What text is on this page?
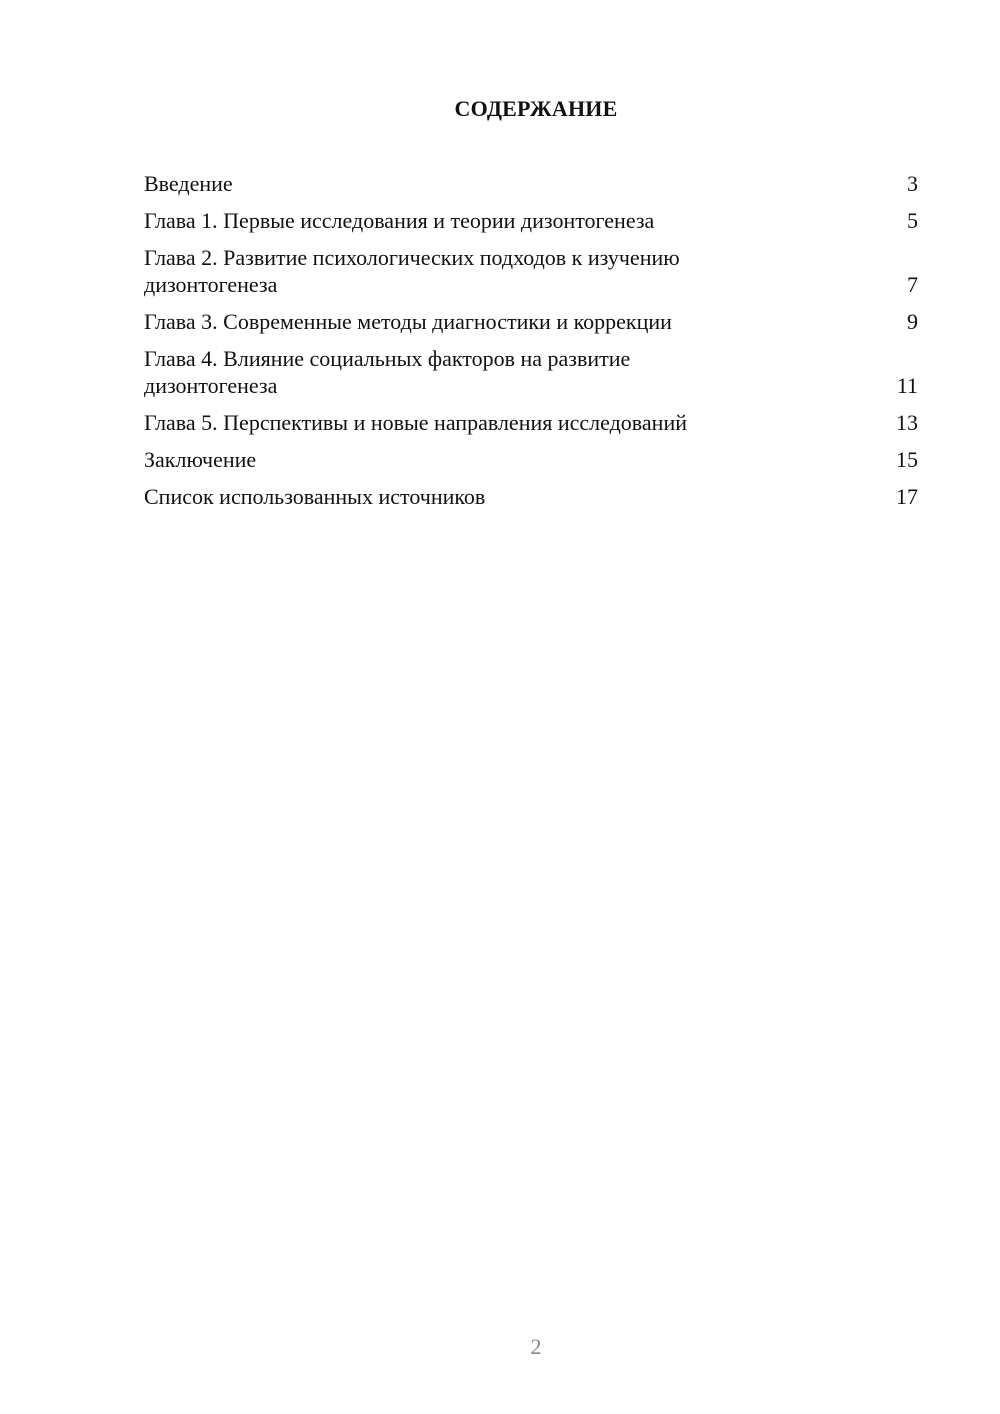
СОДЕРЖАНИЕ
Введение	3
Глава 1. Первые исследования и теории дизонтогенеза	5
Глава 2. Развитие психологических подходов к изучению дизонтогенеза	7
Глава 3. Современные методы диагностики и коррекции	9
Глава 4. Влияние социальных факторов на развитие дизонтогенеза	11
Глава 5. Перспективы и новые направления исследований	13
Заключение	15
Список использованных источников	17
2
